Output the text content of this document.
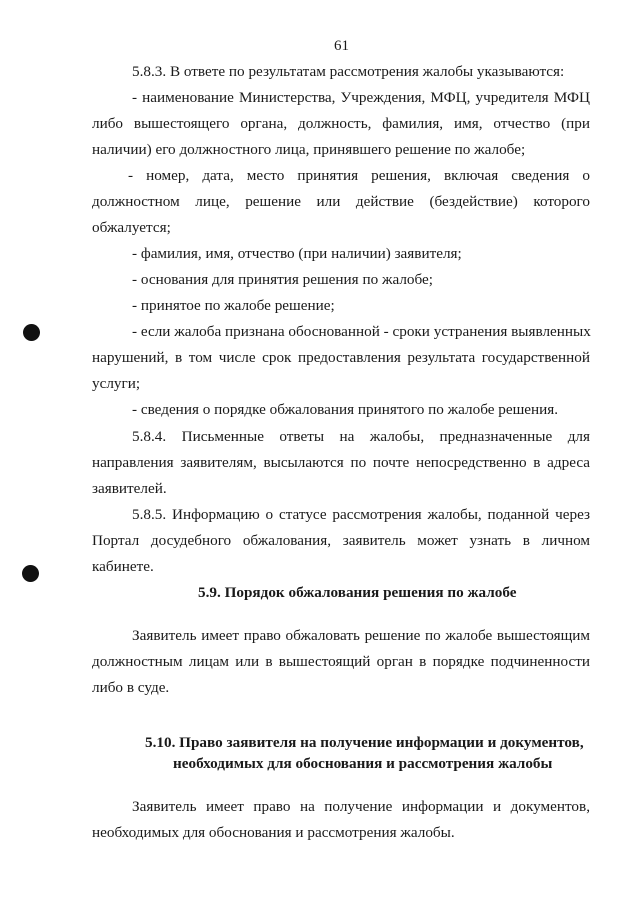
61
5.8.3. В ответе по результатам рассмотрения жалобы указываются:
- наименование Министерства, Учреждения, МФЦ, учредителя МФЦ
либо вышестоящего органа, должность, фамилия, имя, отчество (при
наличии) его должностного лица, принявшего решение по жалобе;
- номер, дата, место принятия решения, включая сведения о
должностном лице, решение или действие (бездействие) которого
обжалуется;
- фамилия, имя, отчество (при наличии) заявителя;
- основания для принятия решения по жалобе;
- принятое по жалобе решение;
- если жалоба признана обоснованной - сроки устранения выявленных
нарушений, в том числе срок предоставления результата государственной
услуги;
- сведения о порядке обжалования принятого по жалобе решения.
5.8.4. Письменные ответы на жалобы, предназначенные для
направления заявителям, высылаются по почте непосредственно в адреса
заявителей.
5.8.5. Информацию о статусе рассмотрения жалобы, поданной через
Портал досудебного обжалования, заявитель может узнать в личном
кабинете.
5.9. Порядок обжалования решения по жалобе
Заявитель имеет право обжаловать решение по жалобе вышестоящим
должностным лицам или в вышестоящий орган в порядке подчиненности
либо в суде.
5.10. Право заявителя на получение информации и документов,
необходимых для обоснования и рассмотрения жалобы
Заявитель имеет право на получение информации и документов,
необходимых для обоснования и рассмотрения жалобы.
